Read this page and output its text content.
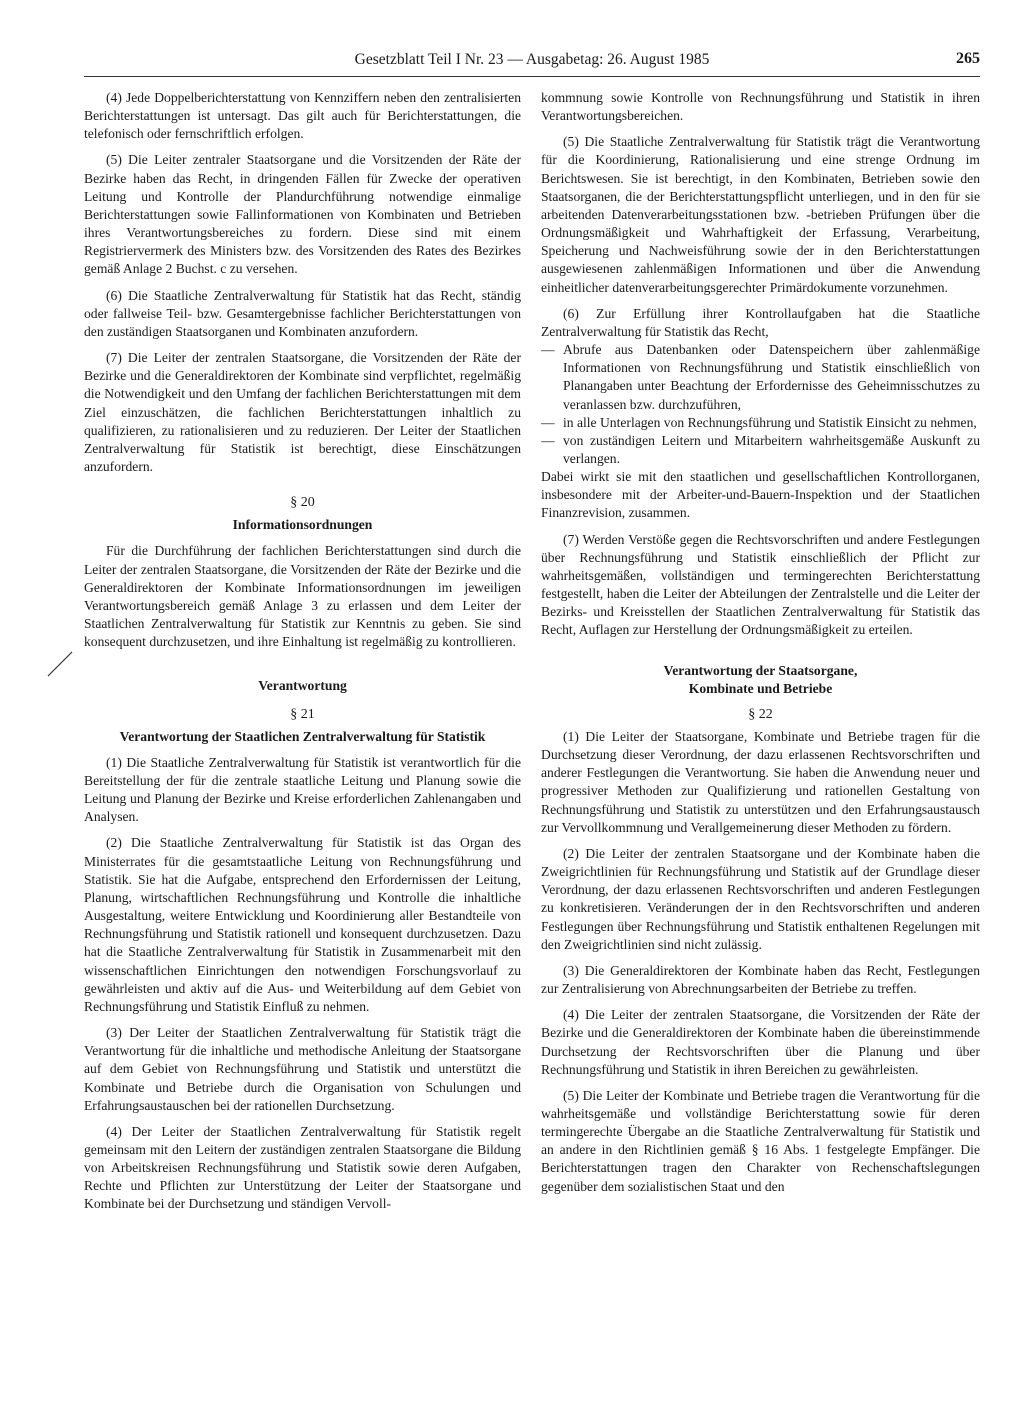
Gesetzblatt Teil I Nr. 23 — Ausgabetag: 26. August 1985	265

(4) Jede Doppelberichterstattung von Kennziffern neben den zentralisierten Berichterstattungen ist untersagt. Das gilt auch für Berichterstattungen, die telefonisch oder fernschriftlich erfolgen.

(5) Die Leiter zentraler Staatsorgane und die Vorsitzenden der Räte der Bezirke haben das Recht, in dringenden Fällen für Zwecke der operativen Leitung und Kontrolle der Plandurchführung notwendige einmalige Berichterstattungen sowie Fallinformationen von Kombinaten und Betrieben ihres Verantwortungsbereiches zu fordern. Diese sind mit einem Registriervermerk des Ministers bzw. des Vorsitzenden des Rates des Bezirkes gemäß Anlage 2 Buchst. c zu versehen.

(6) Die Staatliche Zentralverwaltung für Statistik hat das Recht, ständig oder fallweise Teil- bzw. Gesamtergebnisse fachlicher Berichterstattungen von den zuständigen Staatsorganen und Kombinaten anzufordern.

(7) Die Leiter der zentralen Staatsorgane, die Vorsitzenden der Räte der Bezirke und die Generaldirektoren der Kombinate sind verpflichtet, regelmäßig die Notwendigkeit und den Umfang der fachlichen Berichterstattungen mit dem Ziel einzuschätzen, die fachlichen Berichterstattungen inhaltlich zu qualifizieren, zu rationalisieren und zu reduzieren. Der Leiter der Staatlichen Zentralverwaltung für Statistik ist berechtigt, diese Einschätzungen anzufordern.

§ 20
Informationsordnungen

Für die Durchführung der fachlichen Berichterstattungen sind durch die Leiter der zentralen Staatsorgane, die Vorsitzenden der Räte der Bezirke und die Generaldirektoren der Kombinate Informationsordnungen im jeweiligen Verantwortungsbereich gemäß Anlage 3 zu erlassen und dem Leiter der Staatlichen Zentralverwaltung für Statistik zur Kenntnis zu geben. Sie sind konsequent durchzusetzen, und ihre Einhaltung ist regelmäßig zu kontrollieren.

Verantwortung
§ 21
Verantwortung der Staatlichen Zentralverwaltung für Statistik

(1) Die Staatliche Zentralverwaltung für Statistik ist verantwortlich für die Bereitstellung der für die zentrale staatliche Leitung und Planung sowie die Leitung und Planung der Bezirke und Kreise erforderlichen Zahlenangaben und Analysen.

(2) Die Staatliche Zentralverwaltung für Statistik ist das Organ des Ministerrates für die gesamtstaatliche Leitung von Rechnungsführung und Statistik. Sie hat die Aufgabe, entsprechend den Erfordernissen der Leitung, Planung, wirtschaftlichen Rechnungsführung und Kontrolle die inhaltliche Ausgestaltung, weitere Entwicklung und Koordinierung aller Bestandteile von Rechnungsführung und Statistik rationell und konsequent durchzusetzen. Dazu hat die Staatliche Zentralverwaltung für Statistik in Zusammenarbeit mit den wissenschaftlichen Einrichtungen den notwendigen Forschungsvorlauf zu gewährleisten und aktiv auf die Aus- und Weiterbildung auf dem Gebiet von Rechnungsführung und Statistik Einfluß zu nehmen.

(3) Der Leiter der Staatlichen Zentralverwaltung für Statistik trägt die Verantwortung für die inhaltliche und methodische Anleitung der Staatsorgane auf dem Gebiet von Rechnungsführung und Statistik und unterstützt die Kombinate und Betriebe durch die Organisation von Schulungen und Erfahrungsaustauschen bei der rationellen Durchsetzung.

(4) Der Leiter der Staatlichen Zentralverwaltung für Statistik regelt gemeinsam mit den Leitern der zuständigen zentralen Staatsorgane die Bildung von Arbeitskreisen Rechnungsführung und Statistik sowie deren Aufgaben, Rechte und Pflichten zur Unterstützung der Leiter der Staatsorgane und Kombinate bei der Durchsetzung und ständigen Vervoll-

kommnung sowie Kontrolle von Rechnungsführung und Statistik in ihren Verantwortungsbereichen.

(5) Die Staatliche Zentralverwaltung für Statistik trägt die Verantwortung für die Koordinierung, Rationalisierung und eine strenge Ordnung im Berichtswesen. Sie ist berechtigt, in den Kombinaten, Betrieben sowie den Staatsorganen, die der Berichterstattungspflicht unterliegen, und in den für sie arbeitenden Datenverarbeitungsstationen bzw. -betrieben Prüfungen über die Ordnungsmäßigkeit und Wahrhaftigkeit der Erfassung, Verarbeitung, Speicherung und Nachweisführung sowie der in den Berichterstattungen ausgewiesenen zahlenmäßigen Informationen und über die Anwendung einheitlicher datenverarbeitungsgerechter Primärdokumente vorzunehmen.

(6) Zur Erfüllung ihrer Kontrollaufgaben hat die Staatliche Zentralverwaltung für Statistik das Recht,

— Abrufe aus Datenbanken oder Datenspeichern über zahlenmäßige Informationen von Rechnungsführung und Statistik einschließlich von Planangaben unter Beachtung der Erfordernisse des Geheimnisschutzes zu veranlassen bzw. durchzuführen,
— in alle Unterlagen von Rechnungsführung und Statistik Einsicht zu nehmen,
— von zuständigen Leitern und Mitarbeitern wahrheitsgemäße Auskunft zu verlangen.

Dabei wirkt sie mit den staatlichen und gesellschaftlichen Kontrollorganen, insbesondere mit der Arbeiter-und-Bauern-Inspektion und der Staatlichen Finanzrevision, zusammen.

(7) Werden Verstöße gegen die Rechtsvorschriften und andere Festlegungen über Rechnungsführung und Statistik einschließlich der Pflicht zur wahrheitsgemäßen, vollständigen und termingerechten Berichterstattung festgestellt, haben die Leiter der Abteilungen der Zentralstelle und die Leiter der Bezirks- und Kreisstellen der Staatlichen Zentralverwaltung für Statistik das Recht, Auflagen zur Herstellung der Ordnungsmäßigkeit zu erteilen.

Verantwortung der Staatsorgane,
Kombinate und Betriebe
§ 22

(1) Die Leiter der Staatsorgane, Kombinate und Betriebe tragen für die Durchsetzung dieser Verordnung, der dazu erlassenen Rechtsvorschriften und anderer Festlegungen die Verantwortung. Sie haben die Anwendung neuer und progressiver Methoden zur Qualifizierung und rationellen Gestaltung von Rechnungsführung und Statistik zu unterstützen und den Erfahrungsaustausch zur Vervollkommnung und Verallgemeinerung dieser Methoden zu fördern.

(2) Die Leiter der zentralen Staatsorgane und der Kombinate haben die Zweigrichtlinien für Rechnungsführung und Statistik auf der Grundlage dieser Verordnung, der dazu erlassenen Rechtsvorschriften und anderen Festlegungen zu konkretisieren. Veränderungen der in den Rechtsvorschriften und anderen Festlegungen über Rechnungsführung und Statistik enthaltenen Regelungen mit den Zweigrichtlinien sind nicht zulässig.

(3) Die Generaldirektoren der Kombinate haben das Recht, Festlegungen zur Zentralisierung von Abrechnungsarbeiten der Betriebe zu treffen.

(4) Die Leiter der zentralen Staatsorgane, die Vorsitzenden der Räte der Bezirke und die Generaldirektoren der Kombinate haben die übereinstimmende Durchsetzung der Rechtsvorschriften über die Planung und über Rechnungsführung und Statistik in ihren Bereichen zu gewährleisten.

(5) Die Leiter der Kombinate und Betriebe tragen die Verantwortung für die wahrheitsgemäße und vollständige Berichterstattung sowie für deren termingerechte Übergabe an die Staatliche Zentralverwaltung für Statistik und an andere in den Richtlinien gemäß § 16 Abs. 1 festgelegte Empfänger. Die Berichterstattungen tragen den Charakter von Rechenschaftslegungen gegenüber dem sozialistischen Staat und den
